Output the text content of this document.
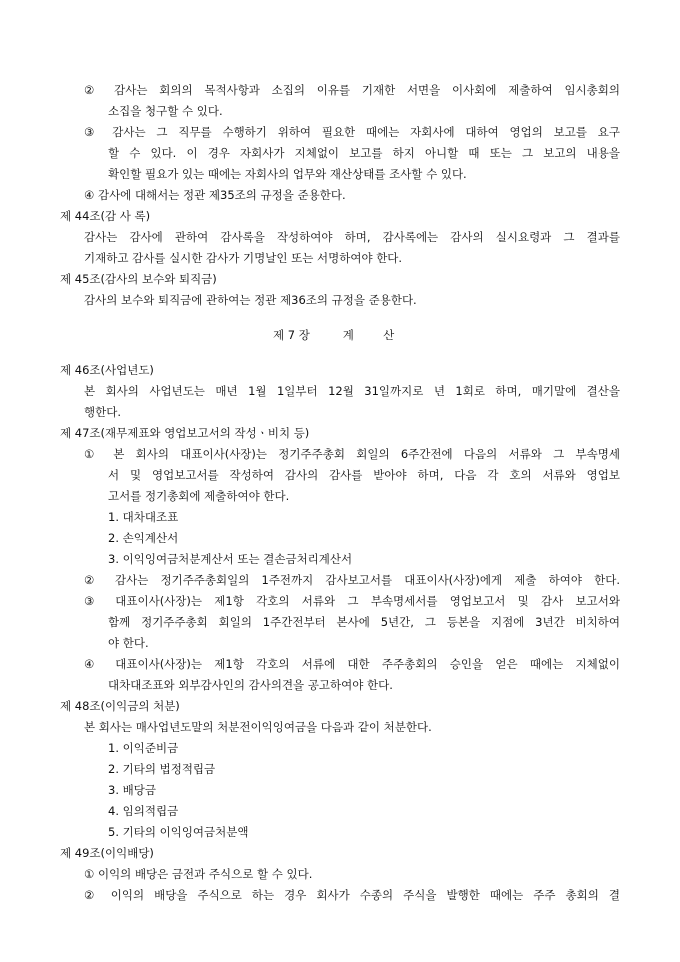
② 감사는 회의의 목적사항과 소집의 이유를 기재한 서면을 이사회에 제출하여 임시총회의
소집을 청구할 수 있다.
③ 감사는 그 직무를 수행하기 위하여 필요한 때에는 자회사에 대하여 영업의 보고를 요구
할 수 있다. 이 경우 자회사가 지체없이 보고를 하지 아니할 때 또는 그 보고의 내용을
확인할 필요가 있는 때에는 자회사의 업무와 재산상태를 조사할 수 있다.
④ 감사에 대해서는 정관 제35조의 규정을 준용한다.
제 44조(감 사 록)
감사는 감사에 관하여 감사록을 작성하여야 하며, 감사록에는 감사의 실시요령과 그 결과를
기재하고 감사를 실시한 감사가 기명날인 또는 서명하여야 한다.
제 45조(감사의 보수와 퇴직금)
감사의 보수와 퇴직금에 관하여는 정관 제36조의 규정을 준용한다.
제 7 장         계        산
제 46조(사업년도)
본 회사의 사업년도는 매년 1월 1일부터 12월 31일까지로 년 1회로 하며, 매기말에 결산을
행한다.
제 47조(재무제표와 영업보고서의 작성ㆍ비치 등)
① 본 회사의 대표이사(사장)는 정기주주총회 회일의 6주간전에 다음의 서류와 그 부속명세
서 및 영업보고서를 작성하여 감사의 감사를 받아야 하며, 다음 각 호의 서류와 영업보
고서를 정기총회에 제출하여야 한다.
1. 대차대조표
2. 손익계산서
3. 이익잉여금처분계산서 또는 결손금처리계산서
② 감사는 정기주주총회일의 1주전까지 감사보고서를 대표이사(사장)에게 제출 하여야 한다.
③ 대표이사(사장)는 제1항 각호의 서류와 그 부속명세서를 영업보고서 및 감사 보고서와
함께 정기주주총회 회일의 1주간전부터 본사에 5년간, 그 등본을 지점에 3년간 비치하여
야 한다.
④ 대표이사(사장)는 제1항 각호의 서류에 대한 주주총회의 승인을 얻은 때에는 지체없이
대차대조표와 외부감사인의 감사의견을 공고하여야 한다.
제 48조(이익금의 처분)
본 회사는 매사업년도말의 처분전이익잉여금을 다음과 같이 처분한다.
1. 이익준비금
2. 기타의 법정적립금
3. 배당금
4. 임의적립금
5. 기타의 이익잉여금처분액
제 49조(이익배당)
① 이익의 배당은 금전과 주식으로 할 수 있다.
② 이익의 배당을 주식으로 하는 경우 회사가 수종의 주식을 발행한 때에는 주주 총회의 결
